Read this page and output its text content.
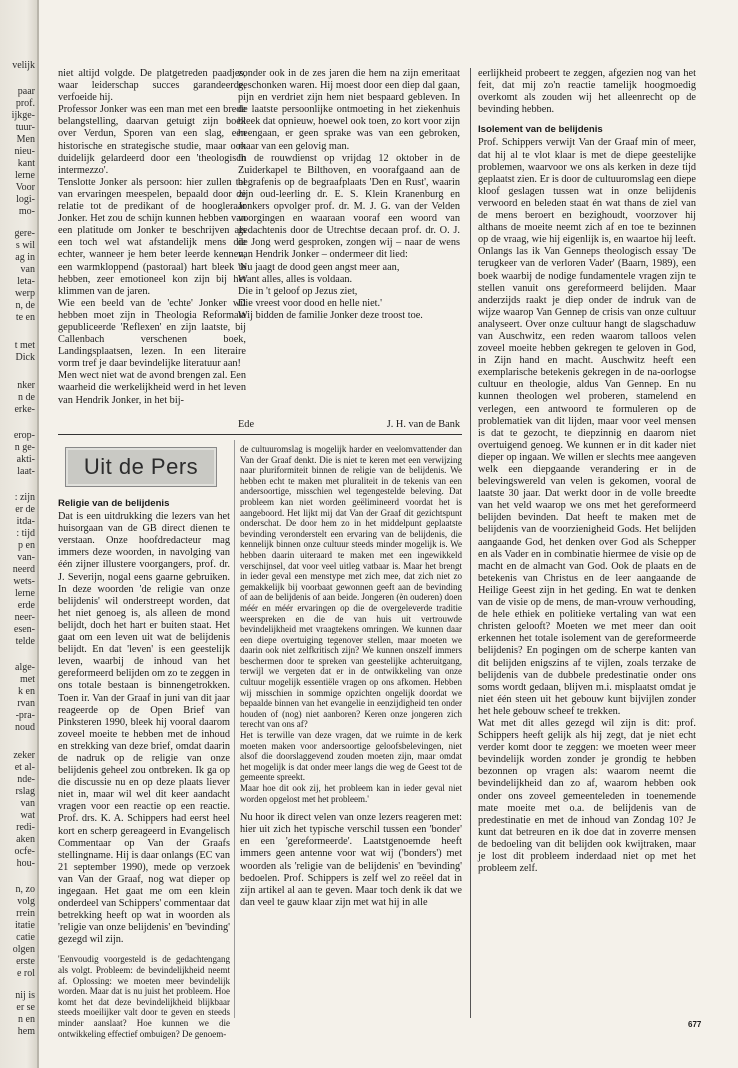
velijk
paar
prof.
ijkge-
tuur-
Men
nieu-
kant
lerne
Voor
logi-
mo-
gere-
s wil
ag in
van
leta-
werp
n, de
te en
t met
Dick
nker
n de
erke-
erop-
n ge-
akti-
laat-
: zijn
er de
itda-
: tijd
p en
van-
neerd
wets-
lerne
erde
neer-
esen-
telde
alge-
met
k en
rvan
-pra-
noud
zeker
et al-
nde-
rslag
van
wat
redi-
aken
ocfe-
hou-
n, zo
volg
rrein
itatie
catie
olgen
erste
e rol
nij is
er se
n en
hem

niet altijd volgde. De platgetreden paadjes, waar leiderschap succes garandeerde, verfoeide hij.

Professor Jonker was een man met een brede belangstelling, daarvan getuigt zijn boek over Verdun, Sporen van een slag, een historische en strategische studie, maar ook duidelijk gelardeerd door een 'theologisch intermezzo'.

Tenslotte Jonker als persoon: hier zullen tal van ervaringen meespelen, bepaald door de relatie tot de predikant of de hoogleraar Jonker. Het zou de schijn kunnen hebben van een platitude om Jonker te beschrijven als een toch wel wat afstandelijk mens die echter, wanneer je hem beter leerde kennen, een warmkloppend (pastoraal) hart bleek te hebben, zeer emotioneel kon zijn bij het klimmen van de jaren.

Wie een beeld van de 'echte' Jonker wil hebben moet zijn in Theologia Reformata gepubliceerde 'Reflexen' en zijn laatste, bij Callenbach verschenen boek, Landingsplaatsen, lezen. In een literaire vorm tref je daar bevindelijke literatuur aan!

Men wect niet wat de avond brengen zal. Een waarheid die werkelijkheid werd in het leven van Hendrik Jonker, in het bij-

zonder ook in de zes jaren die hem na zijn emeritaat geschonken waren. Hij moest door een diep dal gaan, pijn en verdriet zijn hem niet bespaard gebleven. In de laatste persoonlijke ontmoeting in het ziekenhuis bleek dat opnieuw, hoewel ook toen, zo kort voor zijn heengaan, er geen sprake was van een gebroken, maar van een gelovig man.

In de rouwdienst op vrijdag 12 oktober in de Zuiderkapel te Bilthoven, en voorafgaand aan de begrafenis op de begraafplaats 'Den en Rust', waarin zijn oud-leerling dr. E. S. Klein Kranenburg en Jonkers opvolger prof. dr. M. J. G. van der Velden voorgingen en waaraan vooraf een woord van gedachtenis door de Utrechtse decaan prof. dr. O. J. de Jong werd gesproken, zongen wij – naar de wens van Hendrik Jonker – ondermeer dit lied:

'Nu jaagt de dood geen angst meer aan,

Want alles, alles is voldaan.

Die in 't geloof op Jezus ziet,

Die vreest voor dood en helle niet.'

Wij bidden de familie Jonker deze troost toe.

Ede	J. H. van de Bank
Uit de Pers

Religie van de belijdenis

Dat is een uitdrukking die lezers van het huisorgaan van de GB direct dienen te verstaan. Onze hoofdredacteur mag immers deze woorden, in navolging van één zijner illustere voorgangers, prof. dr. J. Severijn, nogal eens gaarne gebruiken. In deze woorden 'de religie van onze belijdenis' wil onderstreept worden, dat het niet genoeg is, als alleen de mond belijdt, doch het hart er buiten staat. Het gaat om een leven uit wat de belijdenis belijdt. En dat 'leven' is een geestelijk leven, waarbij de inhoud van het gereformeerd belijden om zo te zeggen in ons totale bestaan is binnengetrokken. Toen ir. Van der Graaf in juni van dit jaar reageerde op de Open Brief van Pinksteren 1990, bleek hij vooral daarom zoveel moeite te hebben met de inhoud en strekking van deze brief, omdat daarin de nadruk op de religie van onze belijdenis geheel zou ontbreken. Ik ga op die discussie nu en op deze plaats liever niet in, maar wil wel dit keer aandacht vragen voor een reactie op een reactie. Prof. drs. K. A. Schippers had eerst heel kort en scherp gereageerd in Evangelisch Commentaar op Van der Graafs stellingname. Hij is daar onlangs (EC van 21 september 1990), mede op verzoek van Van der Graaf, nog wat dieper op ingegaan. Het gaat me om een klein onderdeel van Schippers' commentaar dat betrekking heeft op wat in woorden als 'religie van onze belijdenis' en 'bevinding' gezegd wil zijn.

'Eenvoudig voorgesteld is de gedachtengang als volgt. Probleem: de bevindelijkheid neemt af. Oplossing: we moeten meer bevindelijk worden. Maar dat is nu juist het probleem. Hoe komt het dat deze bevindelijkheid blijkbaar steeds moeilijker valt door te geven en steeds minder aanslaat? Hoe kunnen we die ontwikkeling effectief ombuigen? De genoem-

de cultuuromslag is mogelijk harder en veelomvattender dan Van der Graaf denkt. Die is niet te keren met een verwijzing naar pluriformiteit binnen de religie van de belijdenis. We hebben echt te maken met pluraliteit in de tekenis van een andersoortige, misschien wel tegengestelde beleving. Dat probleem kan niet worden geëlimineerd voordat het is aangeboord. Het lijkt mij dat Van der Graaf dit gezichtspunt onderschat. De door hem zo in het middelpunt geplaatste bevinding veronderstelt een ervaring van de belijdenis, die kennelijk binnen onze cultuur steeds minder mogelijk is. We hebben daarin uiteraard te maken met een ingewikkeld verschijnsel, dat voor veel uitleg vatbaar is. Maar het brengt in ieder geval een menstype met zich mee, dat zich niet zo gemakkelijk bij voorbaat gewonnen geeft aan de bevinding of aan de belijdenis of aan beide. Jongeren (èn ouderen) doen méér en méér ervaringen op die de overgeleverde traditie weerspreken en die de van huis uit vertrouwde bevindelijkheid met vraagtekens omringen. We kunnen daar een diepe overtuiging tegenover stellen, maar moeten we daarin ook niet zelfkritisch zijn? We kunnen onszelf immers beschermen door te spreken van geestelijke achteruitgang, terwijl we vergeten dat er in de ontwikkeling van onze cultuur mogelijk essentiële vragen op ons afkomen. Hebben wij misschien in sommige opzichten ongelijk doordat we bepaalde binnen van het evangelie in eenzijdigheid ten onder houden of (nog) niet aanboren? Keren onze jongeren zich terecht van ons af?

Het is terwille van deze vragen, dat we ruimte in de kerk moeten maken voor andersoortige geloofsbelevingen, niet alsof die doorslaggevend zouden moeten zijn, maar omdat het mogelijk is dat onder meer langs die weg de Geest tot de gemeente spreekt.

Maar hoe dit ook zij, het probleem kan in ieder geval niet worden opgelost met het probleem.'

Nu hoor ik direct velen van onze lezers reageren met: hier uit zich het typische verschil tussen een 'bonder' en een 'gereformeerde'. Laatstgenoemde heeft immers geen antenne voor wat wij ('bonders') met woorden als 'religie van de belijdenis' en 'bevinding' bedoelen. Prof. Schippers is zelf wel zo reëel dat in zijn artikel al aan te geven. Maar toch denk ik dat we dan veel te gauw klaar zijn met wat hij in alle

eerlijkheid probeert te zeggen, afgezien nog van het feit, dat mij zo'n reactie tamelijk hoogmoedig overkomt als zouden wij het alleenrecht op de bevinding hebben.

Isolement van de belijdenis

Prof. Schippers verwijt Van der Graaf min of meer, dat hij al te vlot klaar is met de diepe geestelijke problemen, waarvoor we ons als kerken in deze tijd geplaatst zien. Er is door de cultuuromslag een diepe kloof geslagen tussen wat in onze belijdenis verwoord en beleden staat én wat thans de ziel van de mens beroert en bezighoudt, voorzover hij althans de moeite neemt zich af en toe te bezinnen op de vraag, wie hij eigenlijk is, en waartoe hij leeft. Onlangs las ik Van Genneps theologisch essay 'De terugkeer van de verloren Vader' (Baarn, 1989), een boek waarbij de nodige fundamentele vragen zijn te stellen vanuit ons gereformeerd belijden. Maar anderzijds raakt je diep onder de indruk van de wijze waarop Van Gennep de crisis van onze cultuur analyseert. Over onze cultuur hangt de slagschaduw van Auschwitz, een reden waarom talloos velen zoveel moeite hebben gekregen te geloven in God, in Zijn hand en macht. Auschwitz heeft een exemplarische betekenis gekregen in de na-oorlogse cultuur en theologie, aldus Van Gennep. En nu kunnen theologen wel proberen, stamelend en verlegen, een antwoord te formuleren op de problematiek van dit lijden, maar voor veel mensen is dat te gezocht, te diepzinnig en daarom niet overtuigend genoeg. We kunnen er in dit kader niet dieper op ingaan. We willen er slechts mee aangeven welk een diepgaande verandering er in de belevingswereld van velen is gekomen, vooral de laatste 30 jaar. Dat werkt door in de volle breedte van het veld waarop we ons met het gereformeerd belijden bevinden. Dat heeft te maken met de belijdenis van de voorzienigheid Gods. Het belijden aangaande God, het denken over God als Schepper en als Vader en in combinatie hiermee de visie op de macht en de almacht van God. Ook de plaats en de betekenis van Christus en de leer aangaande de Heilige Geest zijn in het geding. En wat te denken van de visie op de mens, de man-vrouw verhouding, de hele ethiek en politieke vertaling van wat een christen gelooft? Moeten we met meer dan ooit erkennen het totale isolement van de gereformeerde belijdenis? En pogingen om de scherpe kanten van dit belijden enigszins af te vijlen, zoals terzake de belijdenis van de dubbele predestinatie onder ons soms wordt gedaan, blijven m.i. misplaatst omdat je niet één steen uit het gebouw kunt bijvijlen zonder het hele gebouw scheef te trekken.

Wat met dit alles gezegd wil zijn is dit: prof. Schippers heeft gelijk als hij zegt, dat je niet echt verder komt door te zeggen: we moeten weer meer bevindelijk worden zonder je grondig te hebben bezonnen op vragen als: waarom neemt die bevindelijkheid dan zo af, waarom hebben ook onder ons zoveel gemeenteleden in toenemende mate moeite met o.a. de belijdenis van de predestinatie en met de inhoud van Zondag 10? Je kunt dat betreuren en ik doe dat in zoverre mensen de bedoeling van dit belijden ook kwijtraken, maar je lost dit probleem inderdaad niet op met het probleem zelf.

677
